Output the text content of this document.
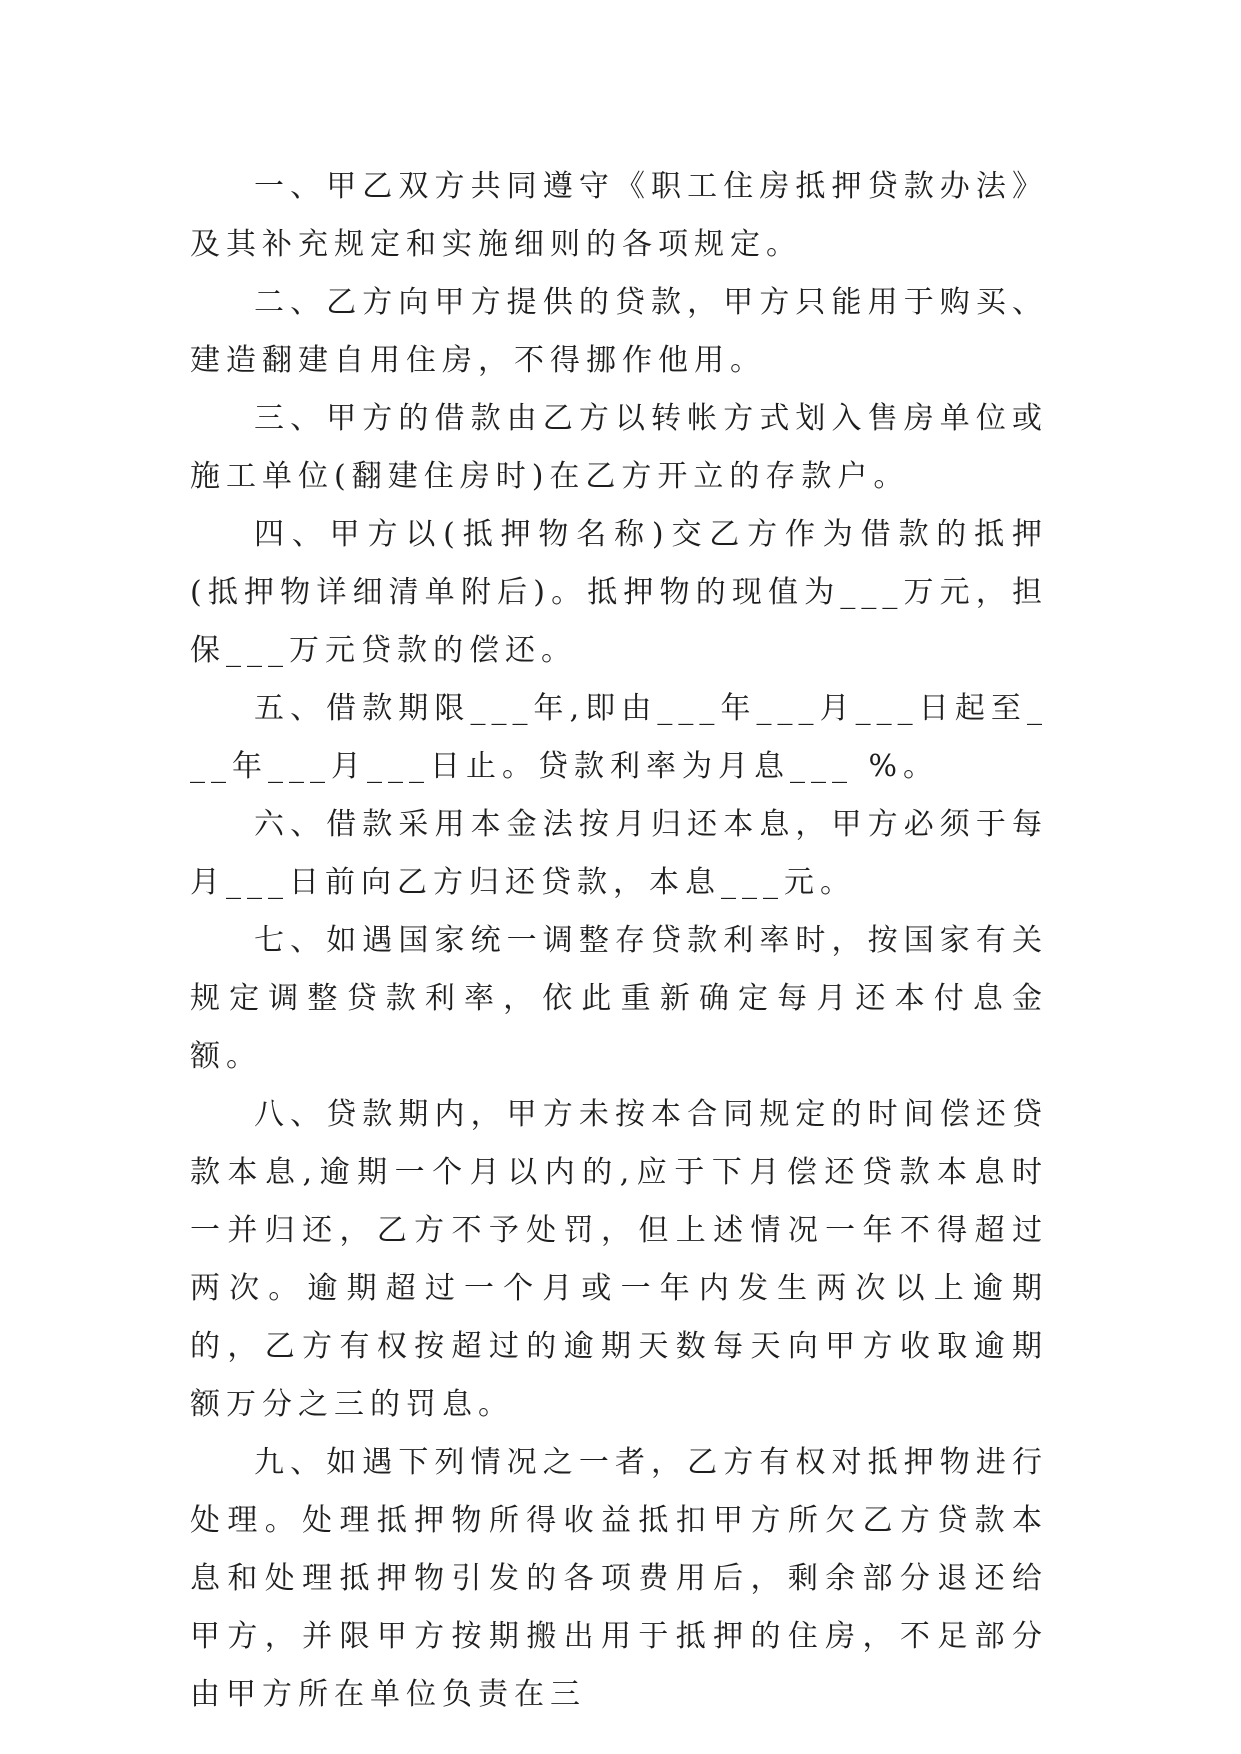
一、甲乙双方共同遵守《职工住房抵押贷款办法》及其补充规定和实施细则的各项规定。

二、乙方向甲方提供的贷款，甲方只能用于购买、建造翻建自用住房，不得挪作他用。

三、甲方的借款由乙方以转帐方式划入售房单位或施工单位(翻建住房时)在乙方开立的存款户。

四、甲方以(抵押物名称)交乙方作为借款的抵押(抵押物详细清单附后)。抵押物的现值为___万元，担保___万元贷款的偿还。

五、借款期限___年,即由___年___月___日起至___年___月___日止。贷款利率为月息___ %。

六、借款采用本金法按月归还本息，甲方必须于每月___日前向乙方归还贷款，本息___元。

七、如遇国家统一调整存贷款利率时，按国家有关规定调整贷款利率，依此重新确定每月还本付息金额。

八、贷款期内，甲方未按本合同规定的时间偿还贷款本息,逾期一个月以内的,应于下月偿还贷款本息时一并归还，乙方不予处罚，但上述情况一年不得超过两次。逾期超过一个月或一年内发生两次以上逾期的，乙方有权按超过的逾期天数每天向甲方收取逾期额万分之三的罚息。

九、如遇下列情况之一者，乙方有权对抵押物进行处理。处理抵押物所得收益抵扣甲方所欠乙方贷款本息和处理抵押物引发的各项费用后，剩余部分退还给甲方，并限甲方按期搬出用于抵押的住房，不足部分由甲方所在单位负责在三
